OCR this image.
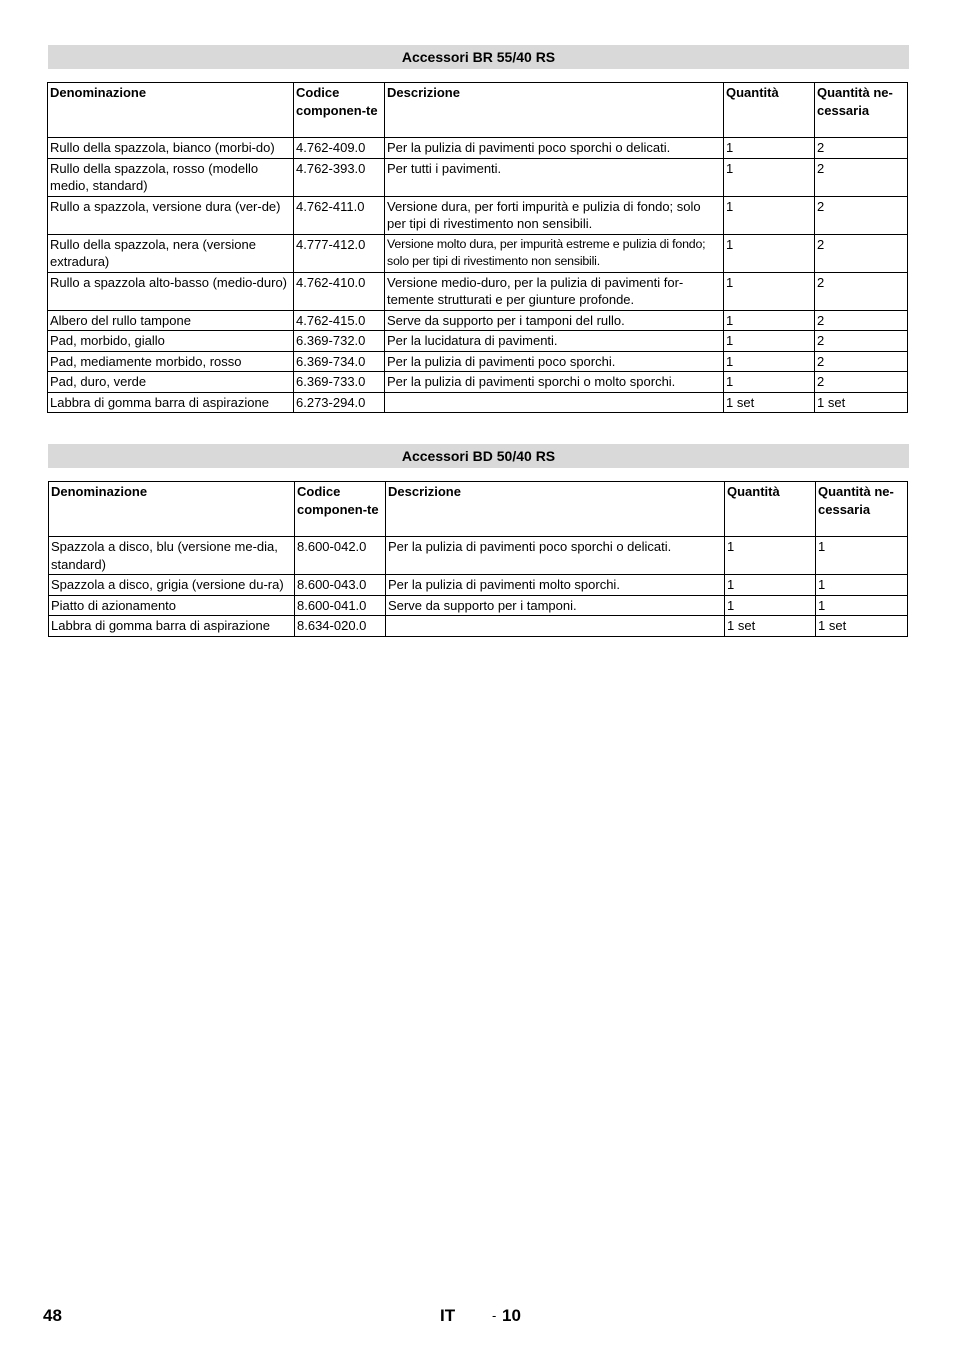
Accessori BR 55/40 RS
Denominazione	Codice componen-te	Descrizione	Quantità	Quantità ne-cessaria
Rullo della spazzola, bianco (morbi-do)	4.762-409.0	Per la pulizia di pavimenti poco sporchi o delicati.	1	2
Rullo della spazzola, rosso (modello medio, standard)	4.762-393.0	Per tutti i pavimenti.	1	2
Rullo a spazzola, versione dura (ver-de)	4.762-411.0	Versione dura, per forti impurità e pulizia di fondo; solo per tipi di rivestimento non sensibili.	1	2
Rullo della spazzola, nera (versione extradura)	4.777-412.0	Versione molto dura, per impurità estreme e pulizia di fondo; solo per tipi di rivestimento non sensibili.	1	2
Rullo a spazzola alto-basso (medio-duro)	4.762-410.0	Versione medio-duro, per la pulizia di pavimenti for-temente strutturati e per giunture profonde.	1	2
Albero del rullo tampone	4.762-415.0	Serve da supporto per i tamponi del rullo.	1	2
Pad, morbido, giallo	6.369-732.0	Per la lucidatura di pavimenti.	1	2
Pad, mediamente morbido, rosso	6.369-734.0	Per la pulizia di pavimenti poco sporchi.	1	2
Pad, duro, verde	6.369-733.0	Per la pulizia di pavimenti sporchi o molto sporchi.	1	2
Labbra di gomma barra di aspirazione	6.273-294.0		1 set	1 set
Accessori BD 50/40 RS
Denominazione	Codice componen-te	Descrizione	Quantità	Quantità ne-cessaria
Spazzola a disco, blu (versione me-dia, standard)	8.600-042.0	Per la pulizia di pavimenti poco sporchi o delicati.	1	1
Spazzola a disco, grigia (versione du-ra)	8.600-043.0	Per la pulizia di pavimenti molto sporchi.	1	1
Piatto di azionamento	8.600-041.0	Serve da supporto per i tamponi.	1	1
Labbra di gomma barra di aspirazione	8.634-020.0		1 set	1 set
48	IT	- 10
